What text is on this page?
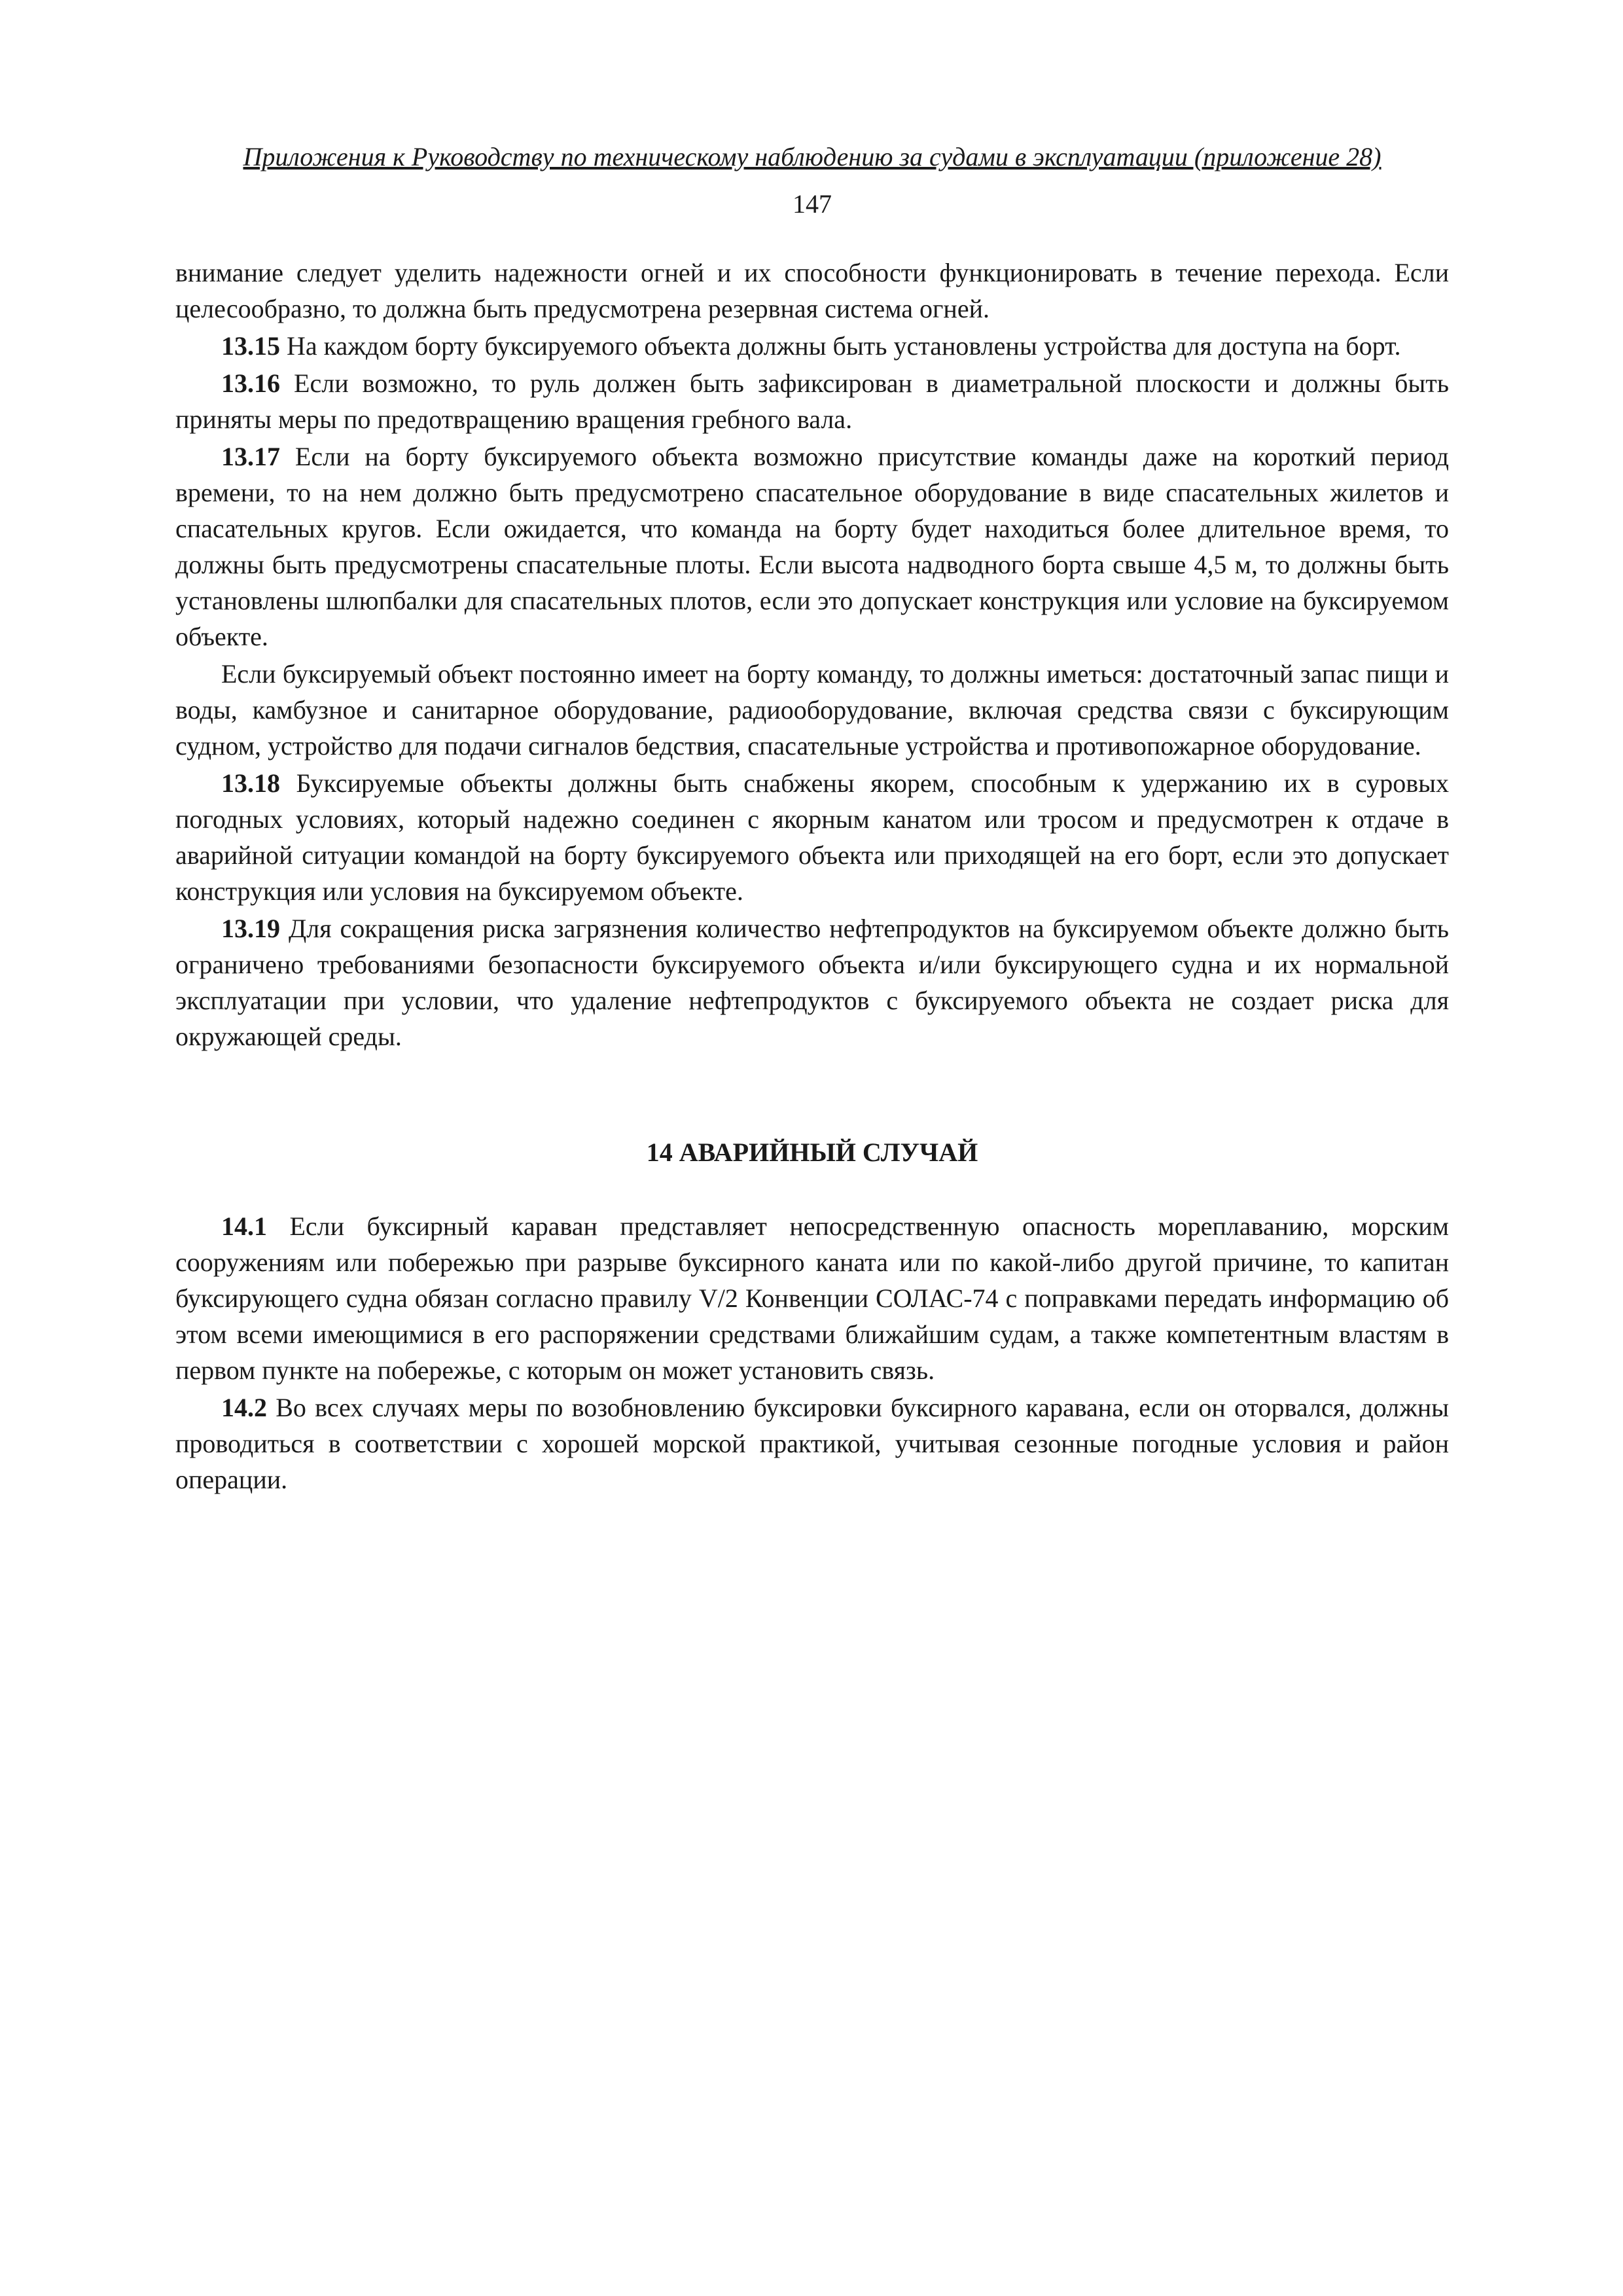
Приложения к Руководству по техническому наблюдению за судами в эксплуатации (приложение 28)

147

внимание следует уделить надежности огней и их способности функционировать в течение перехода. Если целесообразно, то должна быть предусмотрена резервная система огней.

13.15 На каждом борту буксируемого объекта должны быть установлены устройства для доступа на борт.

13.16 Если возможно, то руль должен быть зафиксирован в диаметральной плоскости и должны быть приняты меры по предотвращению вращения гребного вала.

13.17 Если на борту буксируемого объекта возможно присутствие команды даже на короткий период времени, то на нем должно быть предусмотрено спасательное оборудование в виде спасательных жилетов и спасательных кругов. Если ожидается, что команда на борту будет находиться более длительное время, то должны быть предусмотрены спасательные плоты. Если высота надводного борта свыше 4,5 м, то должны быть установлены шлюпбалки для спасательных плотов, если это допускает конструкция или условие на буксируемом объекте.

Если буксируемый объект постоянно имеет на борту команду, то должны иметься: достаточный запас пищи и воды, камбузное и санитарное оборудование, радиооборудование, включая средства связи с буксирующим судном, устройство для подачи сигналов бедствия, спасательные устройства и противопожарное оборудование.

13.18 Буксируемые объекты должны быть снабжены якорем, способным к удержанию их в суровых погодных условиях, который надежно соединен с якорным канатом или тросом и предусмотрен к отдаче в аварийной ситуации командой на борту буксируемого объекта или приходящей на его борт, если это допускает конструкция или условия на буксируемом объекте.

13.19 Для сокращения риска загрязнения количество нефтепродуктов на буксируемом объекте должно быть ограничено требованиями безопасности буксируемого объекта и/или буксирующего судна и их нормальной эксплуатации при условии, что удаление нефтепродуктов с буксируемого объекта не создает риска для окружающей среды.

14 АВАРИЙНЫЙ СЛУЧАЙ

14.1 Если буксирный караван представляет непосредственную опасность мореплаванию, морским сооружениям или побережью при разрыве буксирного каната или по какой-либо другой причине, то капитан буксирующего судна обязан согласно правилу V/2 Конвенции СОЛАС-74 с поправками передать информацию об этом всеми имеющимися в его распоряжении средствами ближайшим судам, а также компетентным властям в первом пункте на побережье, с которым он может установить связь.

14.2 Во всех случаях меры по возобновлению буксировки буксирного каравана, если он оторвался, должны проводиться в соответствии с хорошей морской практикой, учитывая сезонные погодные условия и район операции.
